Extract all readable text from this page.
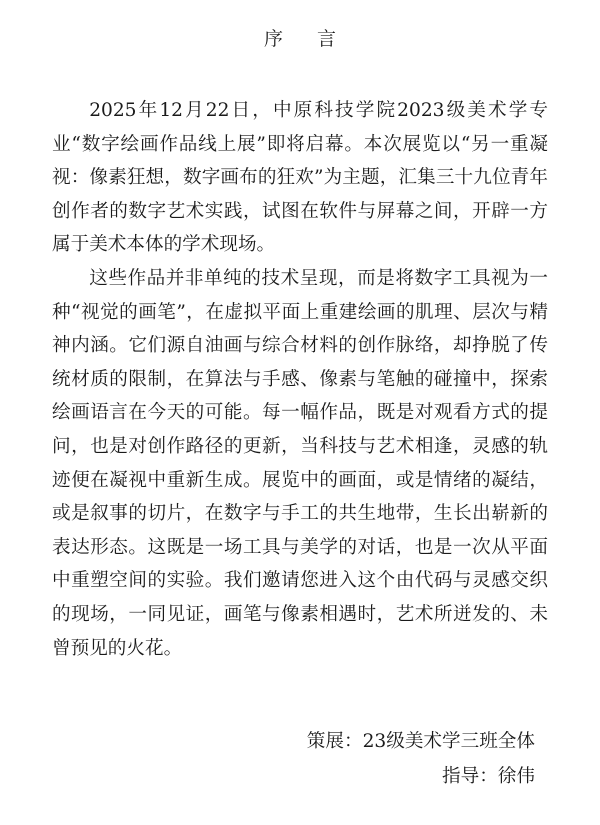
序 言

2025年12月22日，中原科技学院2023级美术学专业“数字绘画作品线上展”即将启幕。本次展览以“另一重凝视：像素狂想，数字画布的狂欢”为主题，汇集三十九位青年创作者的数字艺术实践，试图在软件与屏幕之间，开辟一方属于美术本体的学术现场。

这些作品并非单纯的技术呈现，而是将数字工具视为一种“视觉的画笔”，在虚拟平面上重建绘画的肌理、层次与精神内涵。它们源自油画与综合材料的创作脉络，却挣脱了传统材质的限制，在算法与手感、像素与笔触的碰撞中，探索绘画语言在今天的可能。每一幅作品，既是对观看方式的提问，也是对创作路径的更新，当科技与艺术相逢，灵感的轨迹便在凝视中重新生成。展览中的画面，或是情绪的凝结，或是叙事的切片，在数字与手工的共生地带，生长出崭新的表达形态。这既是一场工具与美学的对话，也是一次从平面中重塑空间的实验。我们邀请您进入这个由代码与灵感交织的现场，一同见证，画笔与像素相遇时，艺术所迸发的、未曾预见的火花。

策展：23级美术学三班全体
指导：徐伟
